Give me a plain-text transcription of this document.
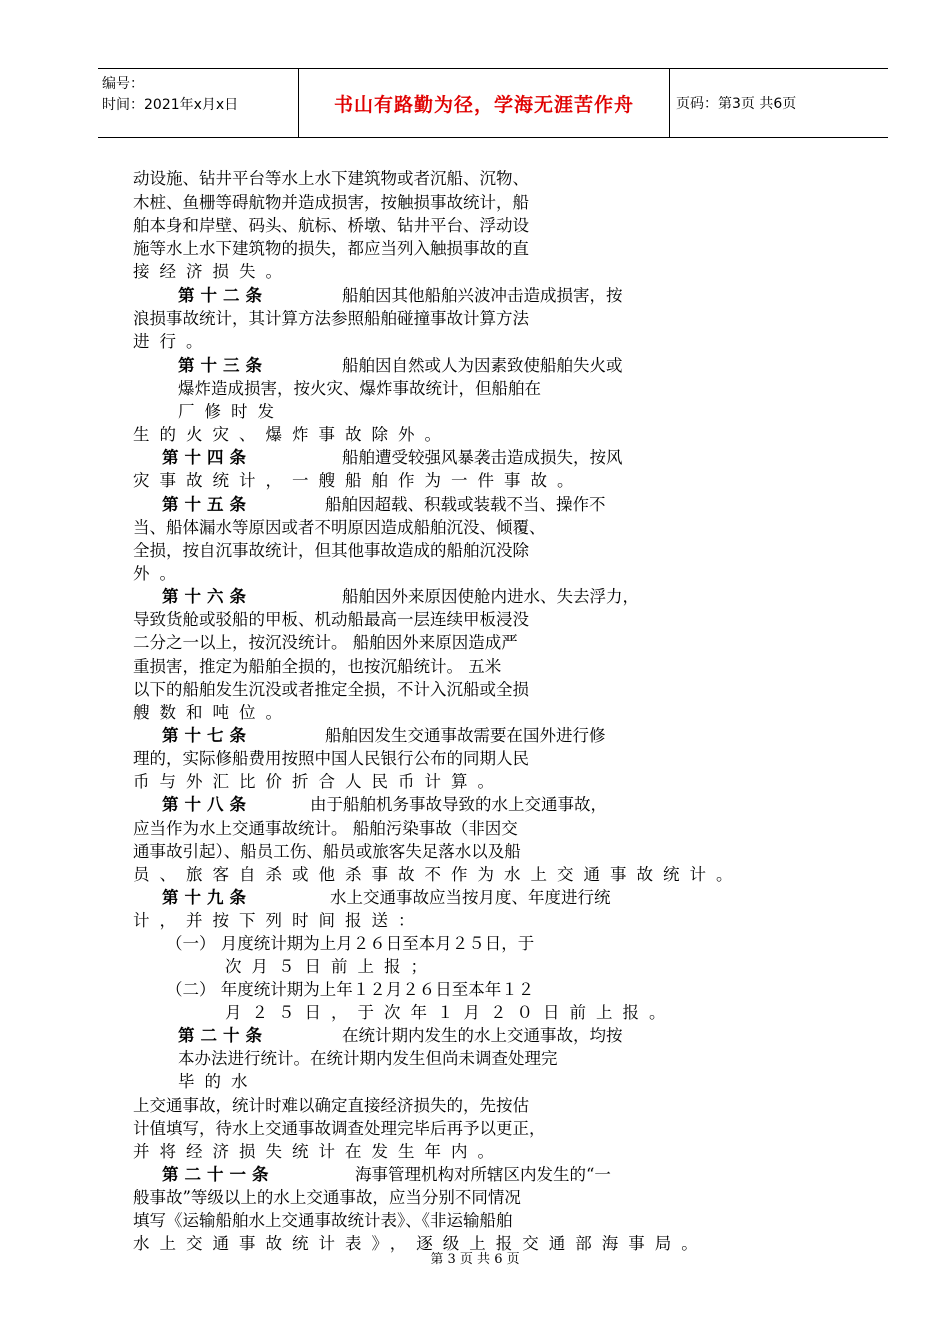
编号：
时间：2021年x月x日	书山有路勤为径，学海无涯苦作舟	页码：第3页 共6页
动设施、钻井平台等水上水下建筑物或者沉船、沉物、
木桩、鱼栅等碍航物并造成损害，按触损事故统计，船
舶本身和岸壁、码头、航标、桥墩、钻井平台、浮动设
施等水上水下建筑物的损失，都应当列入触损事故的直
接经济损失。
第十二条	船舶因其他船舶兴波冲击造成损害，按
浪损事故统计，其计算方法参照船舶碰撞事故计算方法
进行。
第十三条	船舶因自然或人为因素致使船舶失火或
爆炸造成损害，按火灾、爆炸事故统计，但船舶在
厂修时发
生的火灾、爆炸事故除外。
第十四条	船舶遭受较强风暴袭击造成损失，按风
灾事故统计，一艘船舶作为一件事故。
第十五条	船舶因超载、积载或装载不当、操作不
当、船体漏水等原因或者不明原因造成船舶沉没、倾覆、
全损，按自沉事故统计，但其他事故造成的船舶沉没除
外。
第十六条	船舶因外来原因使舱内进水、失去浮力，
导致货舱或驳船的甲板、机动船最高一层连续甲板浸没
二分之一以上，按沉没统计。 船舶因外来原因造成严
重损害，推定为船舶全损的，也按沉船统计。 五米
以下的船舶发生沉没或者推定全损，不计入沉船或全损
艘数和吨位。
第十七条	船舶因发生交通事故需要在国外进行修
理的，实际修船费用按照中国人民银行公布的同期人民
币与外汇比价折合人民币计算。
第十八条	由于船舶机务事故导致的水上交通事故，
应当作为水上交通事故统计。 船舶污染事故（非因交
通事故引起）、船员工伤、船员或旅客失足落水以及船
员、旅客自杀或他杀事故不作为水上交通事故统计。
第十九条	水上交通事故应当按月度、年度进行统
计，并按下列时间报送：
（一） 月度统计期为上月２６日至本月２５日，于
次月５日前上报；
（二） 年度统计期为上年１２月２６日至本年１２
月２５日，于次年１月２０日前上报。
第二十条	在统计期内发生的水上交通事故，均按
本办法进行统计。在统计期内发生但尚未调查处理完
毕的水
上交通事故，统计时难以确定直接经济损失的，先按估
计值填写，待水上交通事故调查处理完毕后再予以更正，
并将经济损失统计在发生年内。
第二十一条	海事管理机构对所辖区内发生的“一
般事故”等级以上的水上交通事故，应当分别不同情况
填写《运输船舶水上交通事故统计表》、《非运输船舶
水上交通事故统计表》，逐级上报交通部海事局。
第 3 页 共 6 页
